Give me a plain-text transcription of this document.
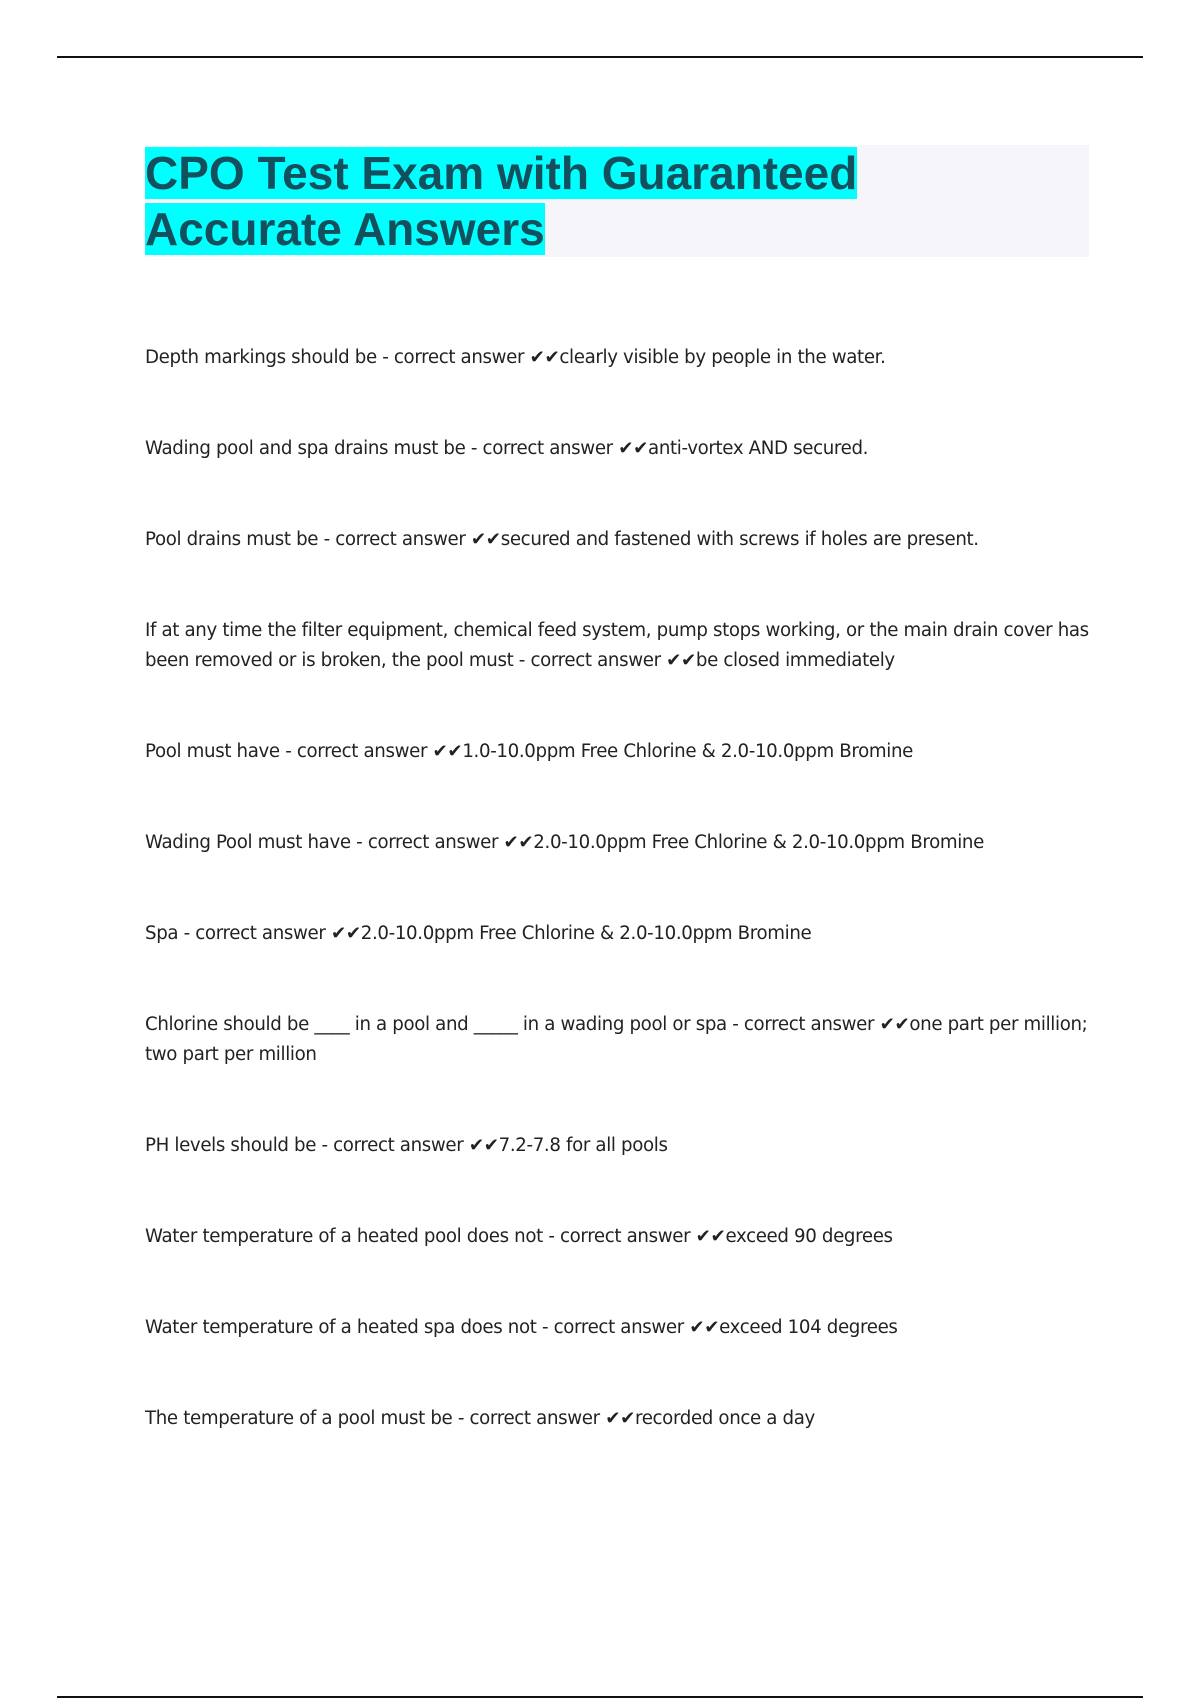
CPO Test Exam with Guaranteed
Accurate Answers
Depth markings should be - correct answer ✔✔clearly visible by people in the water.
Wading pool and spa drains must be - correct answer ✔✔anti-vortex AND secured.
Pool drains must be - correct answer ✔✔secured and fastened with screws if holes are present.
If at any time the filter equipment, chemical feed system, pump stops working, or the main drain cover has been removed or is broken, the pool must - correct answer ✔✔be closed immediately
Pool must have - correct answer ✔✔1.0-10.0ppm Free Chlorine & 2.0-10.0ppm Bromine
Wading Pool must have - correct answer ✔✔2.0-10.0ppm Free Chlorine & 2.0-10.0ppm Bromine
Spa - correct answer ✔✔2.0-10.0ppm Free Chlorine & 2.0-10.0ppm Bromine
Chlorine should be ____ in a pool and _____ in a wading pool or spa - correct answer ✔✔one part per million; two part per million
PH levels should be - correct answer ✔✔7.2-7.8 for all pools
Water temperature of a heated pool does not - correct answer ✔✔exceed 90 degrees
Water temperature of a heated spa does not - correct answer ✔✔exceed 104 degrees
The temperature of a pool must be - correct answer ✔✔recorded once a day
